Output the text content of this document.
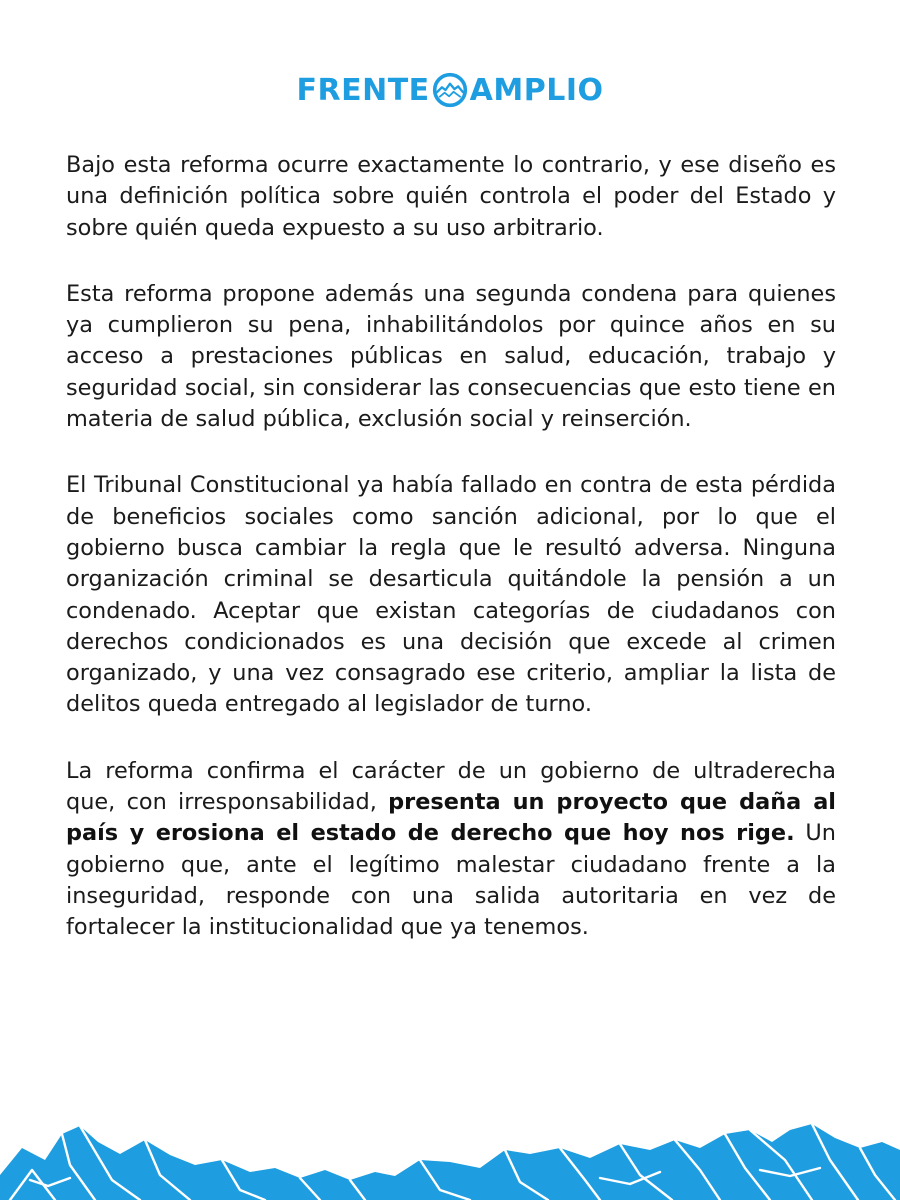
FRENTE AMPLIO

Bajo esta reforma ocurre exactamente lo contrario, y ese diseño es una definición política sobre quién controla el poder del Estado y sobre quién queda expuesto a su uso arbitrario.

Esta reforma propone además una segunda condena para quienes ya cumplieron su pena, inhabilitándolos por quince años en su acceso a prestaciones públicas en salud, educación, trabajo y seguridad social, sin considerar las consecuencias que esto tiene en materia de salud pública, exclusión social y reinserción.

El Tribunal Constitucional ya había fallado en contra de esta pérdida de beneficios sociales como sanción adicional, por lo que el gobierno busca cambiar la regla que le resultó adversa. Ninguna organización criminal se desarticula quitándole la pensión a un condenado. Aceptar que existan categorías de ciudadanos con derechos condicionados es una decisión que excede al crimen organizado, y una vez consagrado ese criterio, ampliar la lista de delitos queda entregado al legislador de turno.

La reforma confirma el carácter de un gobierno de ultraderecha que, con irresponsabilidad, presenta un proyecto que daña al país y erosiona el estado de derecho que hoy nos rige. Un gobierno que, ante el legítimo malestar ciudadano frente a la inseguridad, responde con una salida autoritaria en vez de fortalecer la institucionalidad que ya tenemos.
